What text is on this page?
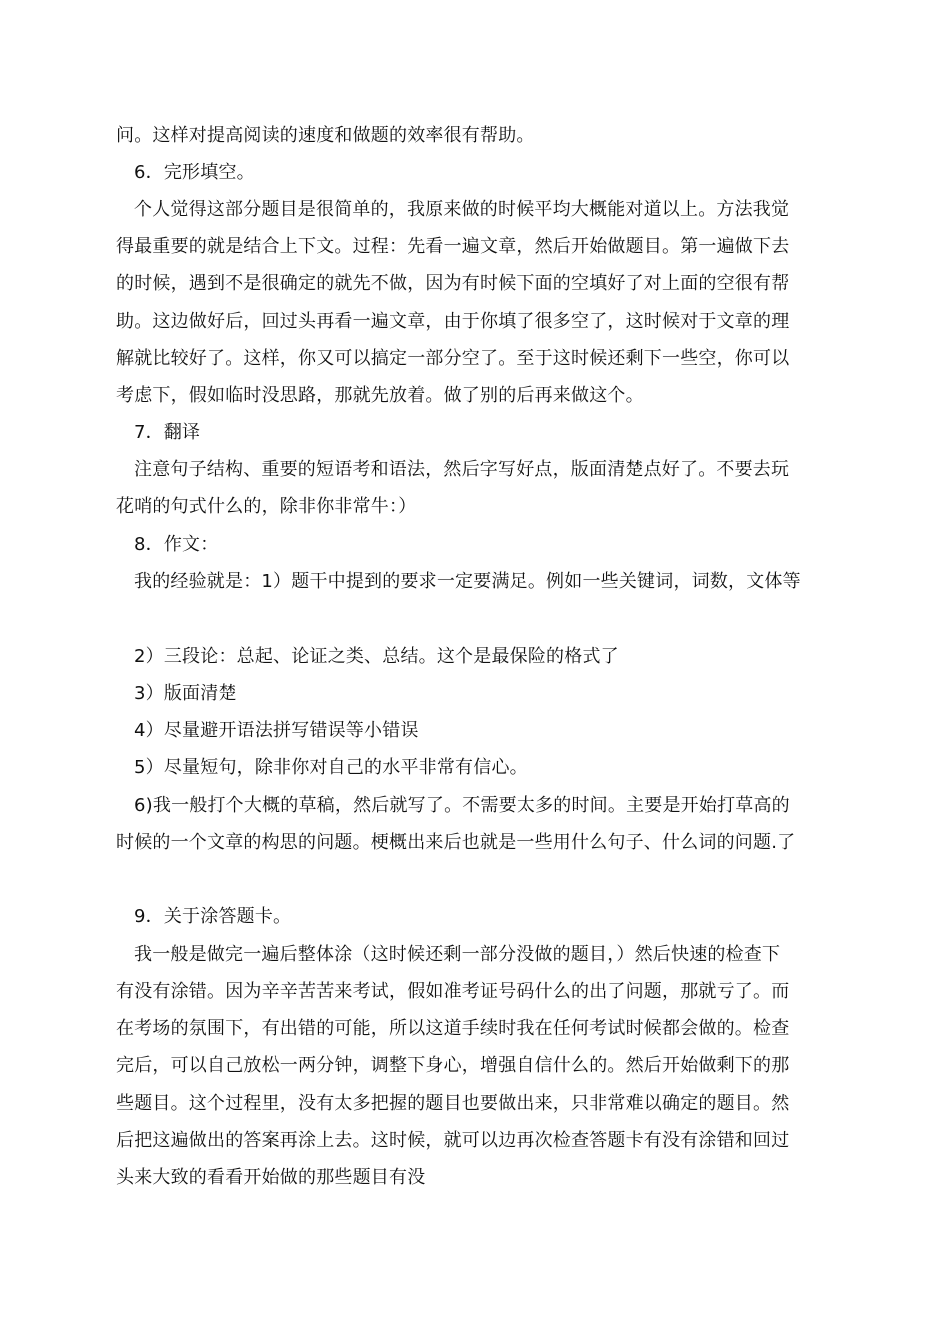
问。这样对提高阅读的速度和做题的效率很有帮助。
6．完形填空。
个人觉得这部分题目是很简单的，我原来做的时候平均大概能对道以上。方法我觉
得最重要的就是结合上下文。过程：先看一遍文章，然后开始做题目。第一遍做下去
的时候，遇到不是很确定的就先不做，因为有时候下面的空填好了对上面的空很有帮
助。这边做好后，回过头再看一遍文章，由于你填了很多空了，这时候对于文章的理
解就比较好了。这样，你又可以搞定一部分空了。至于这时候还剩下一些空，你可以
考虑下，假如临时没思路，那就先放着。做了别的后再来做这个。
7．翻译
注意句子结构、重要的短语考和语法，然后字写好点，版面清楚点好了。不要去玩
花哨的句式什么的，除非你非常牛：）
8．作文：
我的经验就是：1）题干中提到的要求一定要满足。例如一些关键词，词数，文体等
2）三段论：总起、论证之类、总结。这个是最保险的格式了
3）版面清楚
4）尽量避开语法拼写错误等小错误
5）尽量短句，除非你对自己的水平非常有信心。
6)我一般打个大概的草稿，然后就写了。不需要太多的时间。主要是开始打草高的
时候的一个文章的构思的问题。梗概出来后也就是一些用什么句子、什么词的问题.了
9．关于涂答题卡。
我一般是做完一遍后整体涂（这时候还剩一部分没做的题目，）然后快速的检查下
有没有涂错。因为辛辛苦苦来考试，假如准考证号码什么的出了问题，那就亏了。而
在考场的氛围下，有出错的可能，所以这道手续时我在任何考试时候都会做的。检查
完后，可以自己放松一两分钟，调整下身心，增强自信什么的。然后开始做剩下的那
些题目。这个过程里，没有太多把握的题目也要做出来，只非常难以确定的题目。然
后把这遍做出的答案再涂上去。这时候，就可以边再次检查答题卡有没有涂错和回过
头来大致的看看开始做的那些题目有没
